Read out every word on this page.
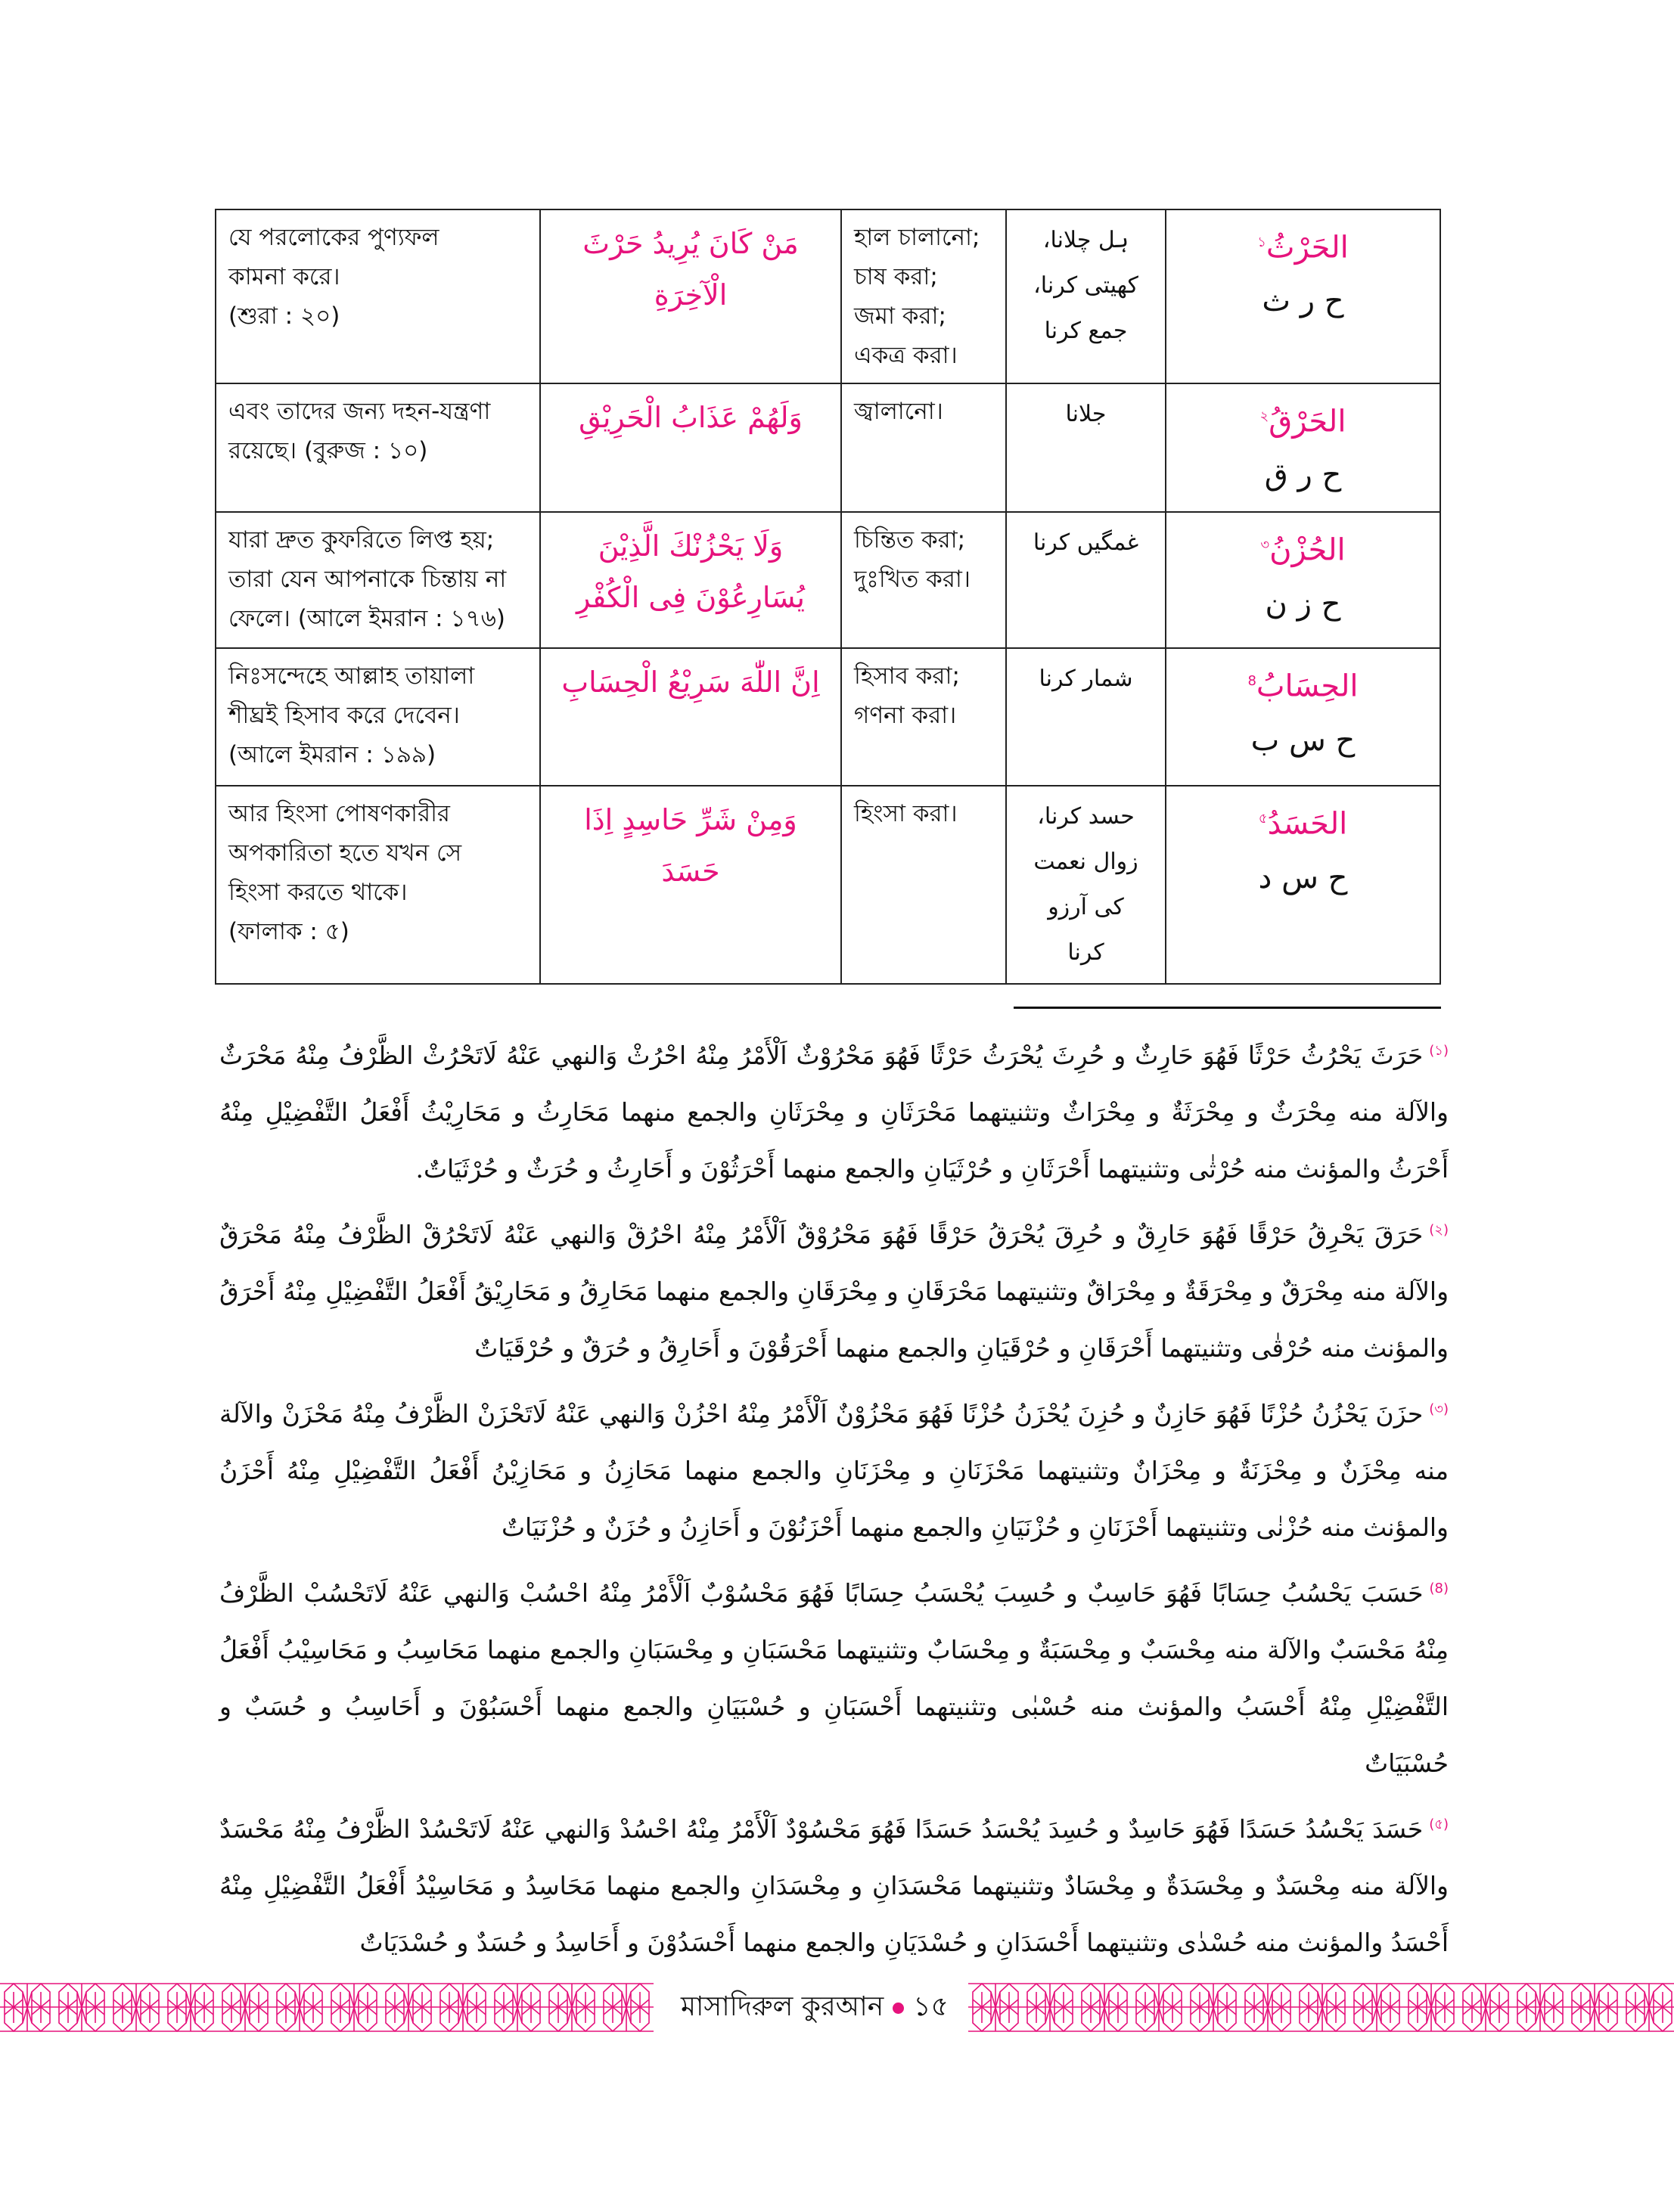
যে পরলোকের পুণ্যফল
কামনা করে।
(শুরা : ২০)	مَنْ كَانَ يُرِيدُ حَرْثَ الْآخِرَةِ	হাল চালানো;
চাষ করা;
জমা করা;
একত্র করা।	ہل چلانا،
کھیتی کرنا،
جمع کرنا	الحَرْثُ$^১$
ح ر ث

এবং তাদের জন্য দহন-যন্ত্রণা
রয়েছে। (বুরুজ : ১০)	وَلَهُمْ عَذَابُ الْحَرِيْقِ	জ্বালানো।	جلانا	الحَرْقُ$^২$
ح ر ق

যারা দ্রুত কুফরিতে লিপ্ত হয়;
তারা যেন আপনাকে চিন্তায় না
ফেলে। (আলে ইমরান : ১৭৬)	وَلَا يَحْزُنْكَ الَّذِيْنَ
يُسَارِعُوْنَ فِى الْكُفْرِ	চিন্তিত করা;
দুঃখিত করা।	غمگیں کرنا	الحُزْنُ$^৩$
ح ز ن

নিঃসন্দেহে আল্লাহ তায়ালা
শীঘ্রই হিসাব করে দেবেন।
(আলে ইমরান : ১৯৯)	اِنَّ اللّٰهَ سَرِيْعُ الْحِسَابِ	হিসাব করা;
গণনা করা।	شمار کرنا	الحِسَابُ$^8$
ح س ب

আর হিংসা পোষণকারীর
অপকারিতা হতে যখন সে
হিংসা করতে থাকে।
(ফালাক : ৫)	وَمِنْ شَرِّ حَاسِدٍ اِذَا حَسَدَ	হিংসা করা।	حسد کرنا،
زوال نعمت کی آرزو
کرنا	الحَسَدُ$^৫$
ح س د

$^{(১)}$حَرَثَ يَحْرُثُ حَرْثًا فَهُوَ حَارِثٌ و حُرِثَ يُحْرَثُ حَرْثًا فَهُوَ مَحْرُوْثٌ اَلْأَمْرُ مِنْهُ احْرُثْ وَالنهي عَنْهُ لَاتَحْرُثْ الظَّرْفُ مِنْهُ مَحْرَثٌ والآلة منه مِحْرَثٌ و مِحْرَثَةٌ و مِحْرَاثٌ وتثنيتهما مَحْرَثَانِ و مِحْرَثَانِ والجمع منهما مَحَارِثُ و مَحَارِيْثُ أَفْعَلُ التَّفْضِيْلِ مِنْهُ أَحْرَثُ والمؤنث منه حُرْثٰى وتثنيتهما أَحْرَثَانِ و حُرْثَيَانِ والجمع منهما أَحْرَثُوْنَ و أَحَارِثُ و حُرَثٌ و حُرْثَيَاتٌ.

$^{(২)}$حَرَقَ يَحْرِقُ حَرْقًا فَهُوَ حَارِقٌ و حُرِقَ يُحْرَقُ حَرْقًا فَهُوَ مَحْرُوْقٌ اَلْأَمْرُ مِنْهُ احْرُقْ وَالنهي عَنْهُ لَاتَحْرُقْ الظَّرْفُ مِنْهُ مَحْرَقٌ والآلة منه مِحْرَقٌ و مِحْرَقَةٌ و مِحْرَاقٌ وتثنيتهما مَحْرَقَانِ و مِحْرَقَانِ والجمع منهما مَحَارِقُ و مَحَارِيْقُ أَفْعَلُ التَّفْضِيْلِ مِنْهُ أَحْرَقُ والمؤنث منه حُرْقٰى وتثنيتهما أَحْرَقَانِ و حُرْقَيَانِ والجمع منهما أَحْرَقُوْنَ و أَحَارِقُ و حُرَقٌ و حُرْقَيَاتٌ

$^{(৩)}$حزَنَ يَحْزُنُ حُزْنًا فَهُوَ حَازِنٌ و حُزِنَ يُحْزَنُ حُزْنًا فَهُوَ مَحْزُوْنٌ اَلْأَمْرُ مِنْهُ احْزُنْ وَالنهي عَنْهُ لَاتَحْزَنْ الظَّرْفُ مِنْهُ مَحْزَنْ والآلة منه مِحْزَنٌ و مِحْزَنَةٌ و مِحْزَانٌ وتثنيتهما مَحْزَنَانِ و مِحْزَنَانِ والجمع منهما مَحَازِنُ و مَحَازِيْنُ أَفْعَلُ التَّفْضِيْلِ مِنْهُ أَحْزَنُ والمؤنث منه حُزْنٰى وتثنيتهما أَحْزَنَانِ و حُزْنَيَانِ والجمع منهما أَحْزَنُوْنَ و أَحَازِنُ و حُزَنٌ و حُزْنَيَاتٌ

$^{(8)}$حَسَبَ يَحْسُبُ حِسَابًا فَهُوَ حَاسِبٌ و حُسِبَ يُحْسَبُ حِسَابًا فَهُوَ مَحْسُوْبٌ اَلْأَمْرُ مِنْهُ احْسُبْ وَالنهي عَنْهُ لَاتَحْسُبْ الظَّرْفُ مِنْهُ مَحْسَبٌ والآلة منه مِحْسَبٌ و مِحْسَبَةٌ و مِحْسَابٌ وتثنيتهما مَحْسَبَانِ و مِحْسَبَانِ والجمع منهما مَحَاسِبُ و مَحَاسِيْبُ أَفْعَلُ التَّفْضِيْلِ مِنْهُ أَحْسَبُ والمؤنث منه حُسْبٰى وتثنيتهما أَحْسَبَانِ و حُسْبَيَانِ والجمع منهما أَحْسَبُوْنَ و أَحَاسِبُ و حُسَبٌ و حُسْبَيَاتٌ

$^{(৫)}$حَسَدَ يَحْسُدُ حَسَدًا فَهُوَ حَاسِدٌ و حُسِدَ يُحْسَدُ حَسَدًا فَهُوَ مَحْسُوْدٌ اَلْأَمْرُ مِنْهُ احْسُدْ وَالنهي عَنْهُ لَاتَحْسُدْ الظَّرْفُ مِنْهُ مَحْسَدٌ والآلة منه مِحْسَدٌ و مِحْسَدَةٌ و مِحْسَادٌ وتثنيتهما مَحْسَدَانِ و مِحْسَدَانِ والجمع منهما مَحَاسِدُ و مَحَاسِيْدُ أَفْعَلُ التَّفْضِيْلِ مِنْهُ أَحْسَدُ والمؤنث منه حُسْدٰى وتثنيتهما أَحْسَدَانِ و حُسْدَيَانِ والجمع منهما أَحْسَدُوْنَ و أَحَاسِدُ و حُسَدٌ و حُسْدَيَاتٌ

মাসাদিরুল কুরআন ১৫
